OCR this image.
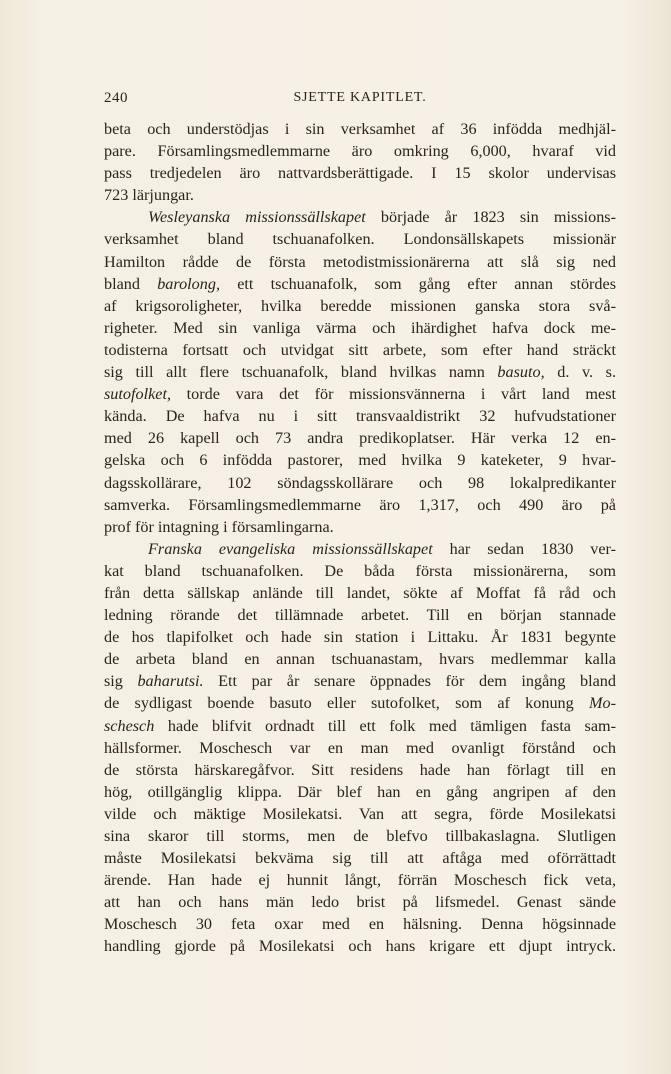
240	SJETTE KAPITLET.
beta och understödjas i sin verksamhet af 36 infödda medhjäl-
pare. Församlingsmedlemmarne äro omkring 6,000, hvaraf vid
pass tredjedelen äro nattvardsberättigade. I 15 skolor undervisas
723 lärjungar.
Wesleyanska missionssällskapet började år 1823 sin missions-
verksamhet bland tschuanafolken. Londonsällskapets missionär
Hamilton rådde de första metodistmissionärerna att slå sig ned
bland barolong, ett tschuanafolk, som gång efter annan stördes
af krigsoroligheter, hvilka beredde missionen ganska stora svå-
righeter. Med sin vanliga värma och ihärdighet hafva dock me-
todisterna fortsatt och utvidgat sitt arbete, som efter hand sträckt
sig till allt flere tschuanafolk, bland hvilkas namn basuto, d. v. s.
sutofolket, torde vara det för missionsvännerna i vårt land mest
kända. De hafva nu i sitt transvaaldistrikt 32 hufvudstationer
med 26 kapell och 73 andra predikoplatser. Här verka 12 en-
gelska och 6 infödda pastorer, med hvilka 9 kateketer, 9 hvar-
dagsskollärare, 102 söndagsskollärare och 98 lokalpredikanter
samverka. Församlingsmedlemmarne äro 1,317, och 490 äro på
prof för intagning i församlingarna.
Franska evangeliska missionssällskapet har sedan 1830 ver-
kat bland tschuanafolken. De båda första missionärerna, som
från detta sällskap anlände till landet, sökte af Moffat få råd och
ledning rörande det tillämnade arbetet. Till en början stannade
de hos tlapifolket och hade sin station i Littaku. År 1831 begynte
de arbeta bland en annan tschuanastam, hvars medlemmar kalla
sig baharutsi. Ett par år senare öppnades för dem ingång bland
de sydligast boende basuto eller sutofolket, som af konung Mo-
schesch hade blifvit ordnadt till ett folk med tämligen fasta sam-
hällsformer. Moschesch var en man med ovanligt förstånd och
de största härskaregåfvor. Sitt residens hade han förlagt till en
hög, otillgänglig klippa. Där blef han en gång angripen af den
vilde och mäktige Mosilekatsi. Van att segra, förde Mosilekatsi
sina skaror till storms, men de blefvo tillbakaslagna. Slutligen
måste Mosilekatsi bekväma sig till att aftåga med oförrättadt
ärende. Han hade ej hunnit långt, förrän Moschesch fick veta,
att han och hans män ledo brist på lifsmedel. Genast sände
Moschesch 30 feta oxar med en hälsning. Denna högsinnade
handling gjorde på Mosilekatsi och hans krigare ett djupt intryck.
